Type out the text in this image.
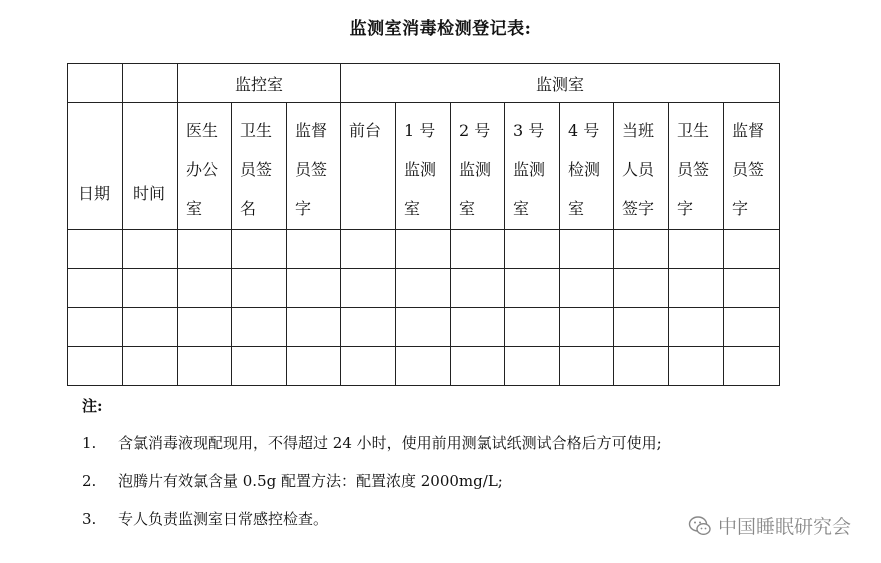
监测室消毒检测登记表:
		监控室			监测室							

日期	时间	医生办公室	卫生员签名	监督员签字	前台	1 号监测室	2 号监测室	3 号监测室	4 号检测室	当班人员签字	卫生员签字	监督员签字

注:
1.	含氯消毒液现配现用，不得超过 24 小时，使用前用测氯试纸测试合格后方可使用;
2.	泡腾片有效氯含量 0.5g 配置方法：配置浓度 2000mg/L;
3.	专人负责监测室日常感控检查。	中国睡眠研究会
